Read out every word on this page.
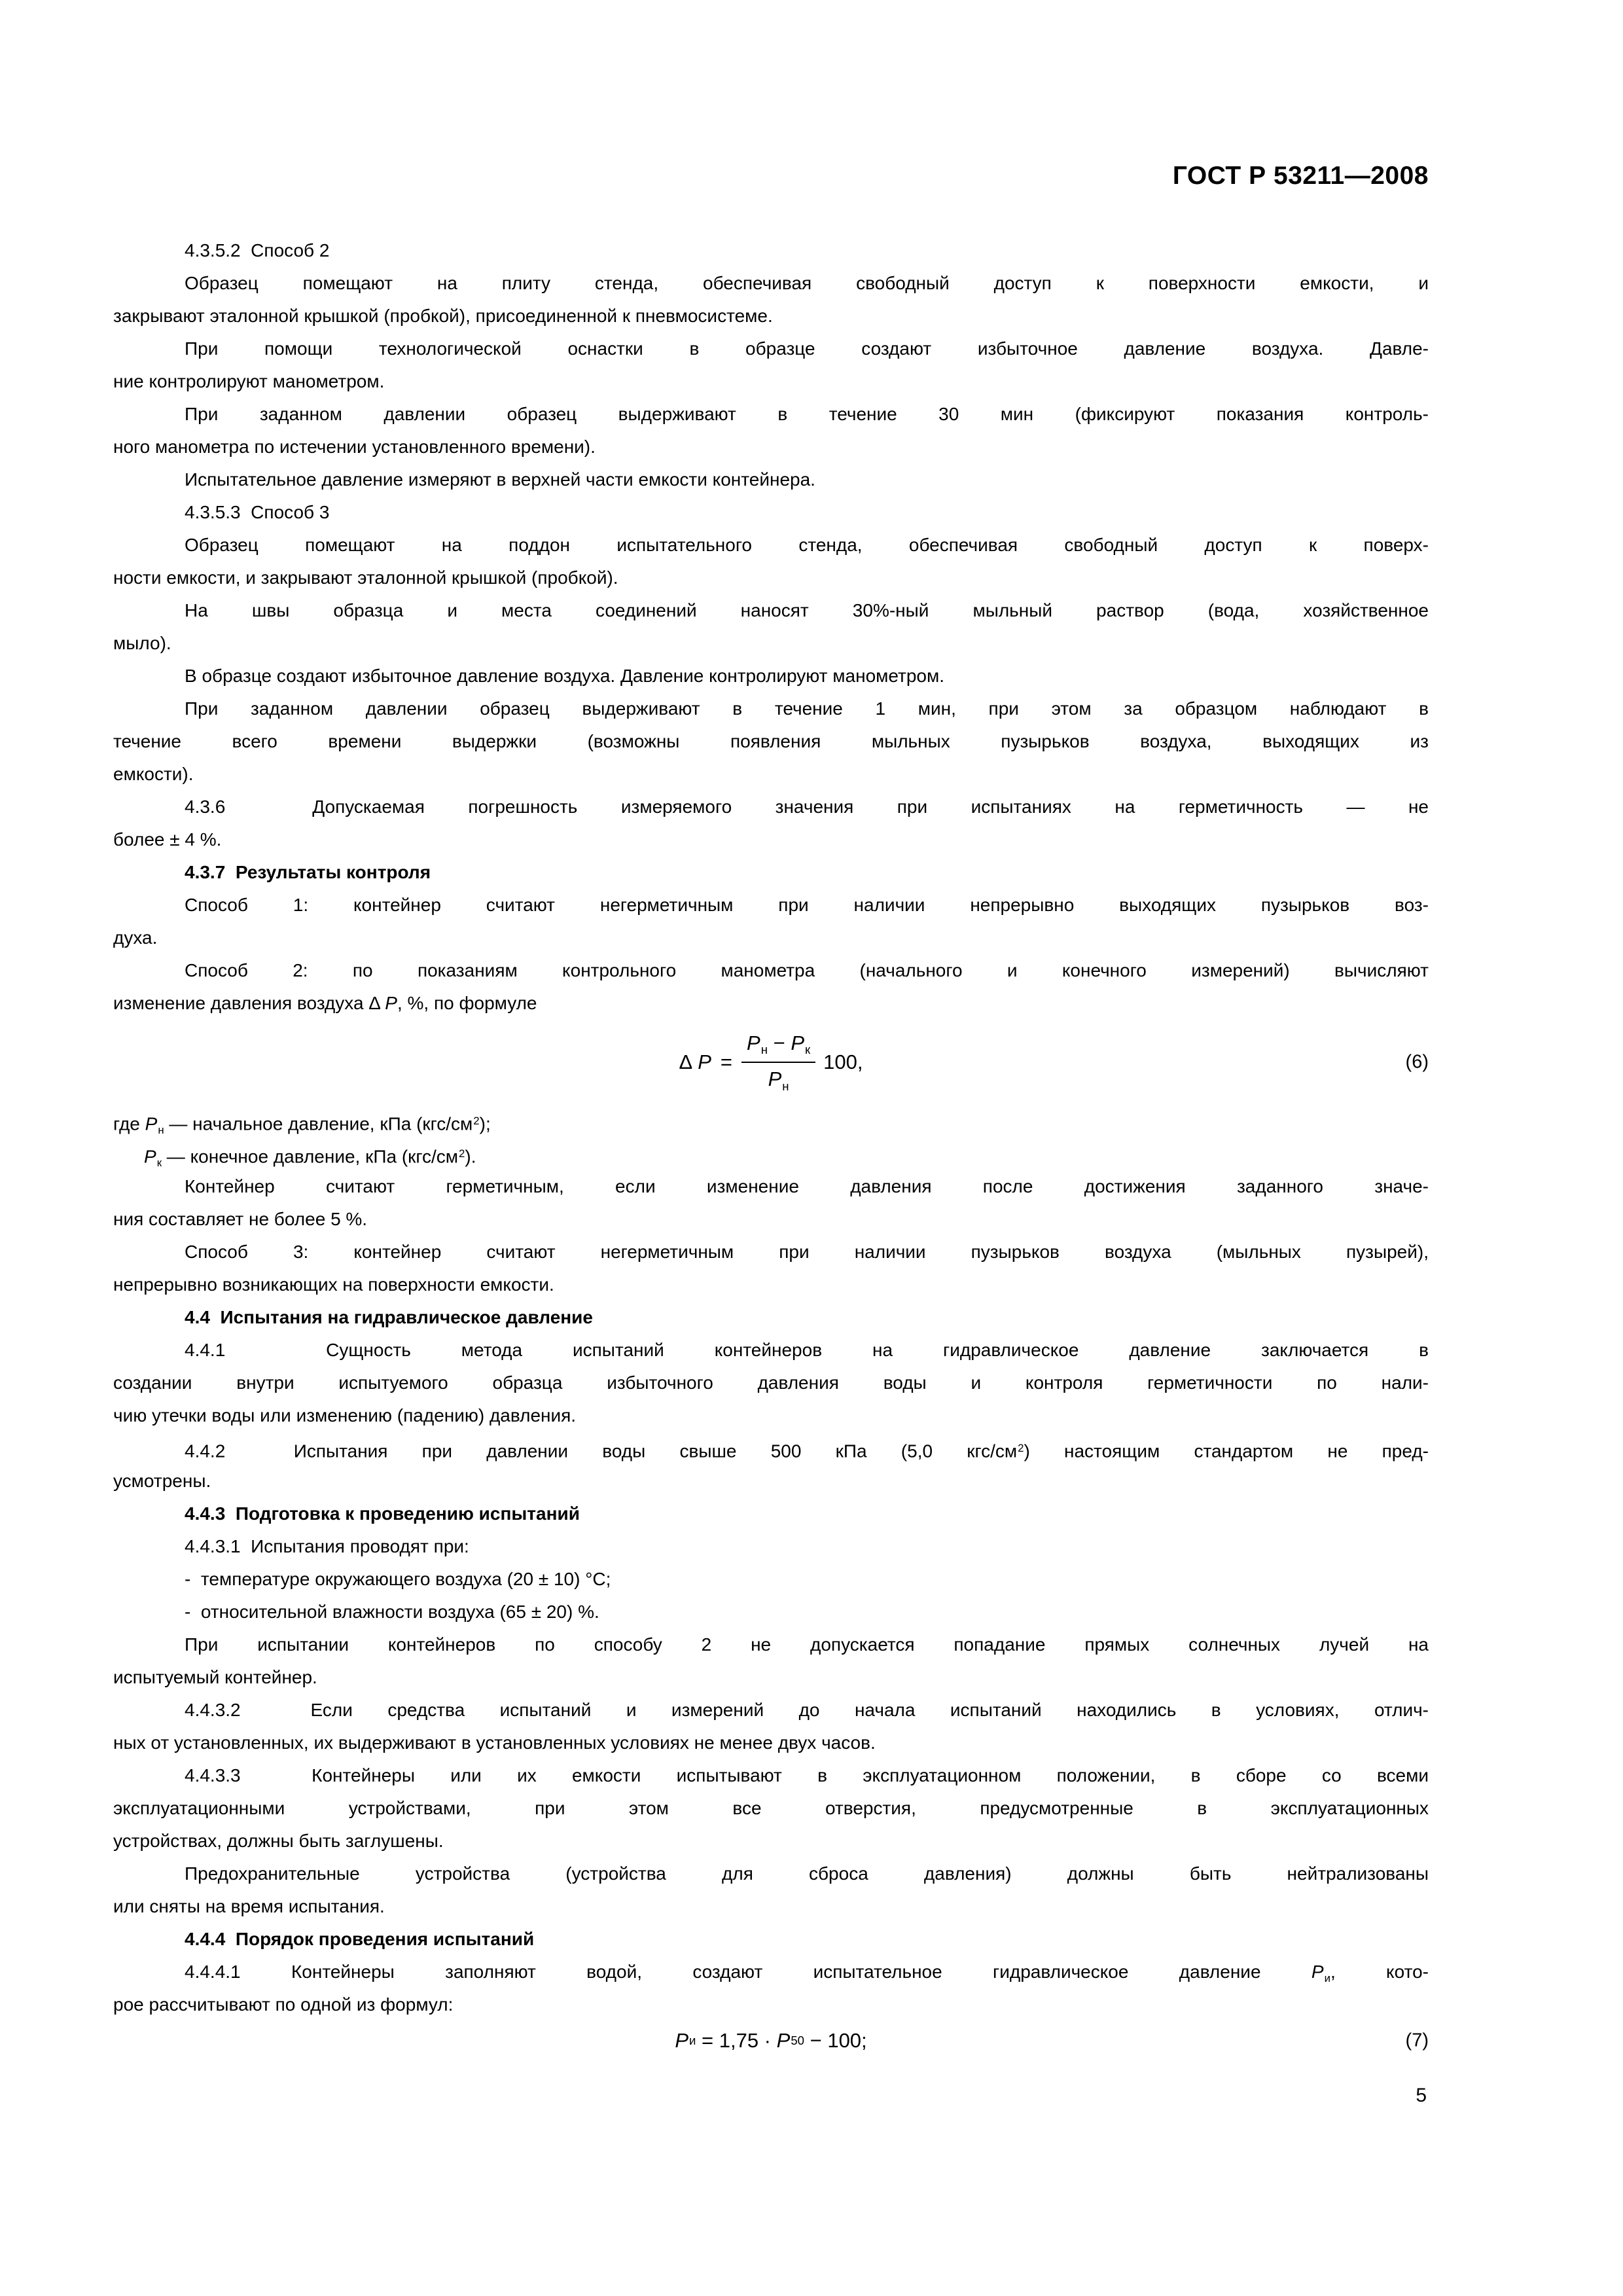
ГОСТ Р 53211—2008
4.3.5.2  Способ 2
Образец помещают на плиту стенда, обеспечивая свободный доступ к поверхности емкости, и
закрывают эталонной крышкой (пробкой), присоединенной к пневмосистеме.
При помощи технологической оснастки в образце создают избыточное давление воздуха. Давле-
ние контролируют манометром.
При заданном давлении образец выдерживают в течение 30 мин (фиксируют показания контроль-
ного манометра по истечении установленного времени).
Испытательное давление измеряют в верхней части емкости контейнера.
4.3.5.3  Способ 3
Образец помещают на поддон испытательного стенда, обеспечивая свободный доступ к поверх-
ности емкости, и закрывают эталонной крышкой (пробкой).
На швы образца и места соединений наносят 30%-ный мыльный раствор (вода, хозяйственное
мыло).
В образце создают избыточное давление воздуха. Давление контролируют манометром.
При заданном давлении образец выдерживают в течение 1 мин, при этом за образцом наблюдают в
течение всего времени выдержки (возможны появления мыльных пузырьков воздуха, выходящих из
емкости).
4.3.6  Допускаемая погрешность измеряемого значения при испытаниях на герметичность — не
более ± 4 %.
4.3.7  Результаты контроля
Способ 1: контейнер считают негерметичным при наличии непрерывно выходящих пузырьков воз-
духа.
Способ 2: по показаниям контрольного манометра (начального и конечного измерений) вычисляют
изменение давления воздуха Δ P, %, по формуле
Δ $P = \frac{P_н - P_к}{P_н} 100$,	(6)
где $P_н$ — начальное давление, кПа $(кгс/см^2)$;
$P_к$ — конечное давление, кПа $(кгс/см^2)$.
Контейнер считают герметичным, если изменение давления после достижения заданного значе-
ния составляет не более 5 %.
Способ 3: контейнер считают негерметичным при наличии пузырьков воздуха (мыльных пузырей),
непрерывно возникающих на поверхности емкости.
4.4  Испытания на гидравлическое давление
4.4.1  Сущность метода испытаний контейнеров на гидравлическое давление заключается в
создании внутри испытуемого образца избыточного давления воды и контроля герметичности по нали-
чию утечки воды или изменению (падению) давления.
4.4.2  Испытания при давлении воды свыше 500 кПа (5,0 кгс/$см^2$) настоящим стандартом не пред-
усмотрены.
4.4.3  Подготовка к проведению испытаний
4.4.3.1  Испытания проводят при:
-  температуре окружающего воздуха (20 ± 10) °С;
-  относительной влажности воздуха (65 ± 20) %.
При испытании контейнеров по способу 2 не допускается попадание прямых солнечных лучей на
испытуемый контейнер.
4.4.3.2  Если средства испытаний и измерений до начала испытаний находились в условиях, отлич-
ных от установленных, их выдерживают в установленных условиях не менее двух часов.
4.4.3.3  Контейнеры или их емкости испытывают в эксплуатационном положении, в сборе со всеми
эксплуатационными устройствами, при этом все отверстия, предусмотренные в эксплуатационных
устройствах, должны быть заглушены.
Предохранительные устройства (устройства для сброса давления) должны быть нейтрализованы
или сняты на время испытания.
4.4.4  Порядок проведения испытаний
4.4.4.1 Контейнеры заполняют водой, создают испытательное гидравлическое давление $P_и$, кото-
рое рассчитывают по одной из формул:
P и = 1,75 · P 50 − 100;	(7)
5
